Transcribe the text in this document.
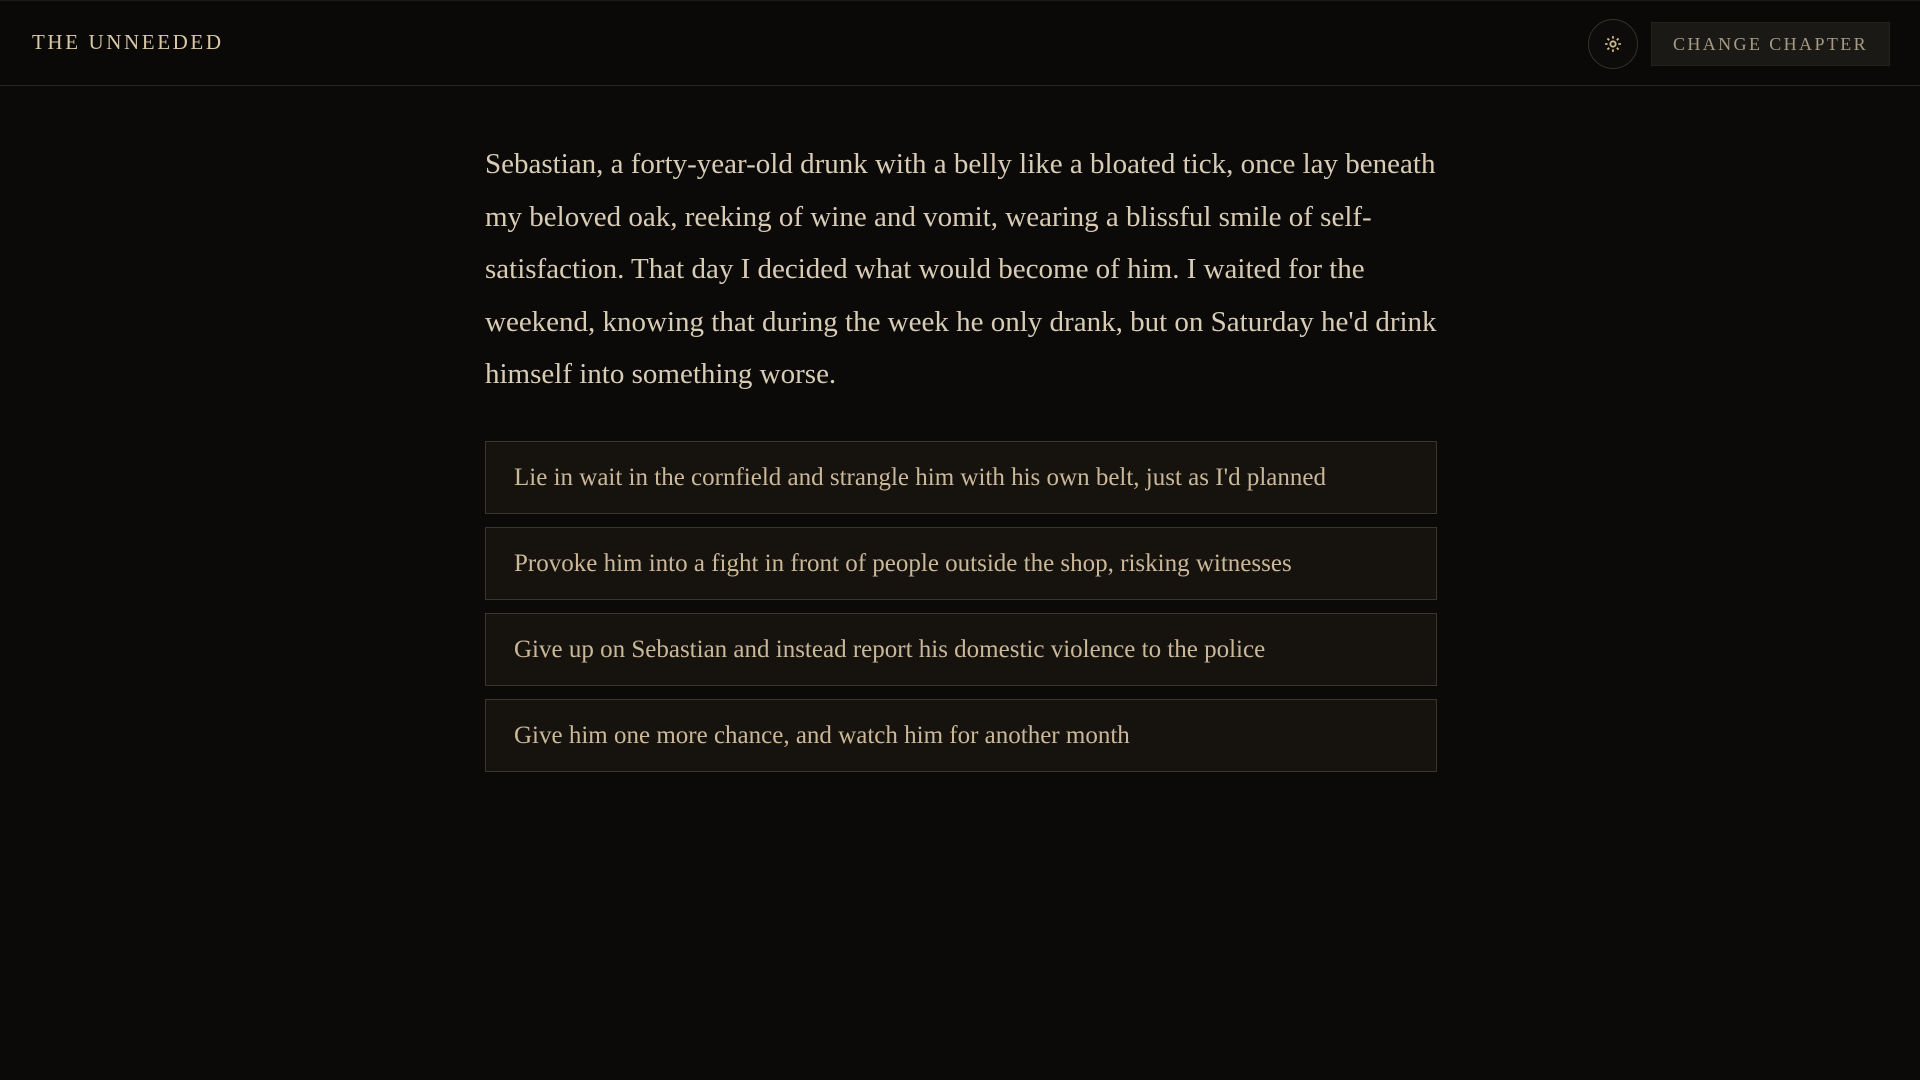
THE UNNEEDED	CHANGE CHAPTER

Sebastian, a forty-year-old drunk with a belly like a bloated tick, once lay beneath my beloved oak, reeking of wine and vomit, wearing a blissful smile of self-satisfaction. That day I decided what would become of him. I waited for the weekend, knowing that during the week he only drank, but on Saturday he'd drink himself into something worse.

Lie in wait in the cornfield and strangle him with his own belt, just as I'd planned
Provoke him into a fight in front of people outside the shop, risking witnesses
Give up on Sebastian and instead report his domestic violence to the police
Give him one more chance, and watch him for another month
